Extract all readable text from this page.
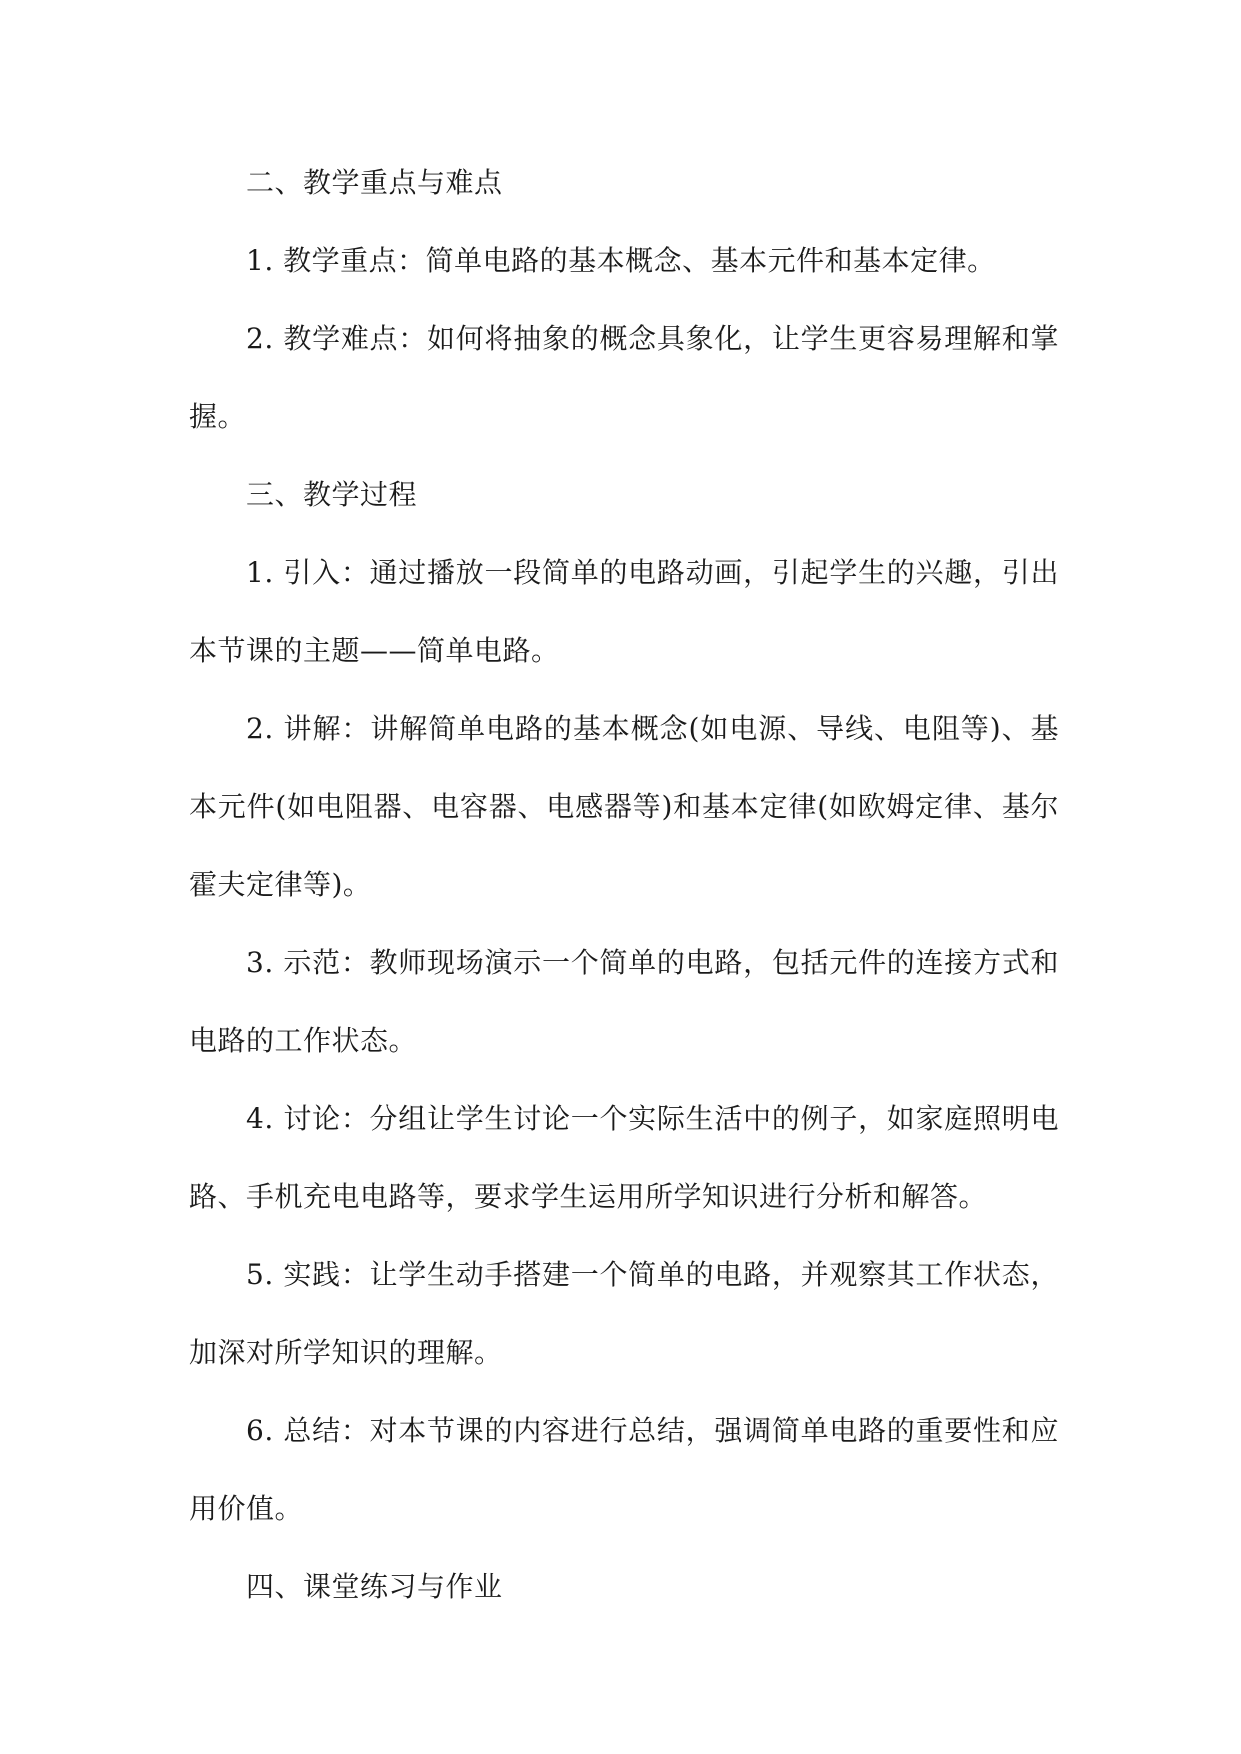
二、教学重点与难点

1. 教学重点：简单电路的基本概念、基本元件和基本定律。

2. 教学难点：如何将抽象的概念具象化，让学生更容易理解和掌握。

三、教学过程

1. 引入：通过播放一段简单的电路动画，引起学生的兴趣，引出本节课的主题——简单电路。

2. 讲解：讲解简单电路的基本概念(如电源、导线、电阻等)、基本元件(如电阻器、电容器、电感器等)和基本定律(如欧姆定律、基尔霍夫定律等)。

3. 示范：教师现场演示一个简单的电路，包括元件的连接方式和电路的工作状态。

4. 讨论：分组让学生讨论一个实际生活中的例子，如家庭照明电路、手机充电电路等，要求学生运用所学知识进行分析和解答。

5. 实践：让学生动手搭建一个简单的电路，并观察其工作状态，加深对所学知识的理解。

6. 总结：对本节课的内容进行总结，强调简单电路的重要性和应用价值。

四、课堂练习与作业
